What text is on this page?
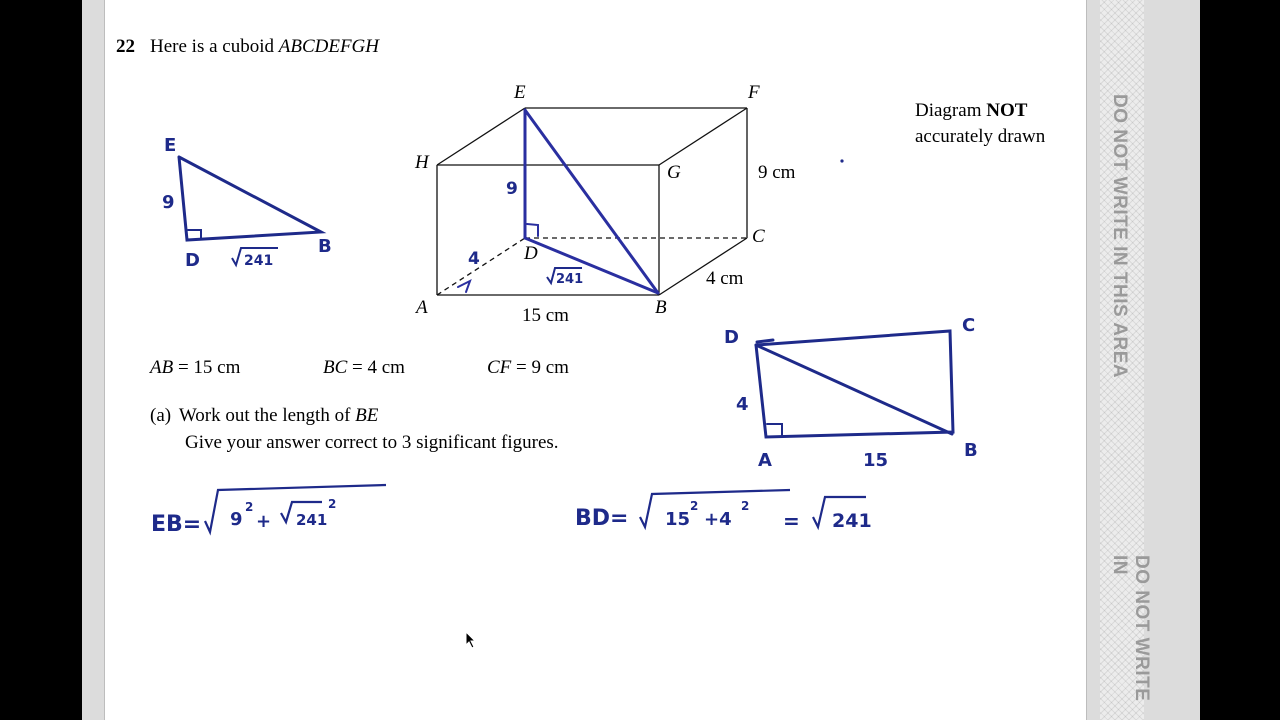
DO NOT WRITE IN THIS AREA
DO NOT WRITE IN
22 Here is a cuboid ABCDEFGH
Diagram NOT
accurately drawn
E	F
H	G
D
C
A	B
9 cm
4 cm
15 cm
AB = 15 cm	BC = 4 cm	CF = 9 cm
(a) Work out the length of BE
Give your answer correct to 3 significant figures.
9
4
241
E
9
D
B
241
D
C
4
A	15	B
EB= 9
2
+ 241
2
BD= 15
2
+4
2
= 241
